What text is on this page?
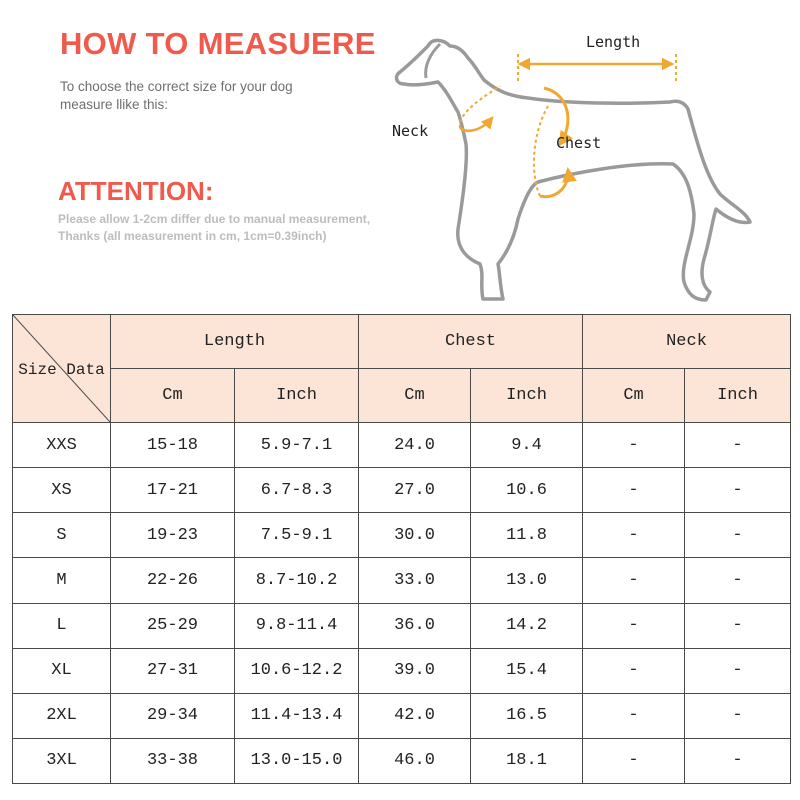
HOW TO MEASUERE
To choose the correct size for your dog
measure llike this:
ATTENTION:
Please allow 1-2cm differ due to manual measurement,
Thanks (all measurement in cm, 1cm=0.39inch)
Length
Neck
Chest
Size Data	Length		Chest		Neck	
	Cm	Inch	Cm	Inch	Cm	Inch
XXS	15-18	5.9-7.1	24.0	9.4	-	-
XS	17-21	6.7-8.3	27.0	10.6	-	-
S	19-23	7.5-9.1	30.0	11.8	-	-
M	22-26	8.7-10.2	33.0	13.0	-	-
L	25-29	9.8-11.4	36.0	14.2	-	-
XL	27-31	10.6-12.2	39.0	15.4	-	-
2XL	29-34	11.4-13.4	42.0	16.5	-	-
3XL	33-38	13.0-15.0	46.0	18.1	-	-
